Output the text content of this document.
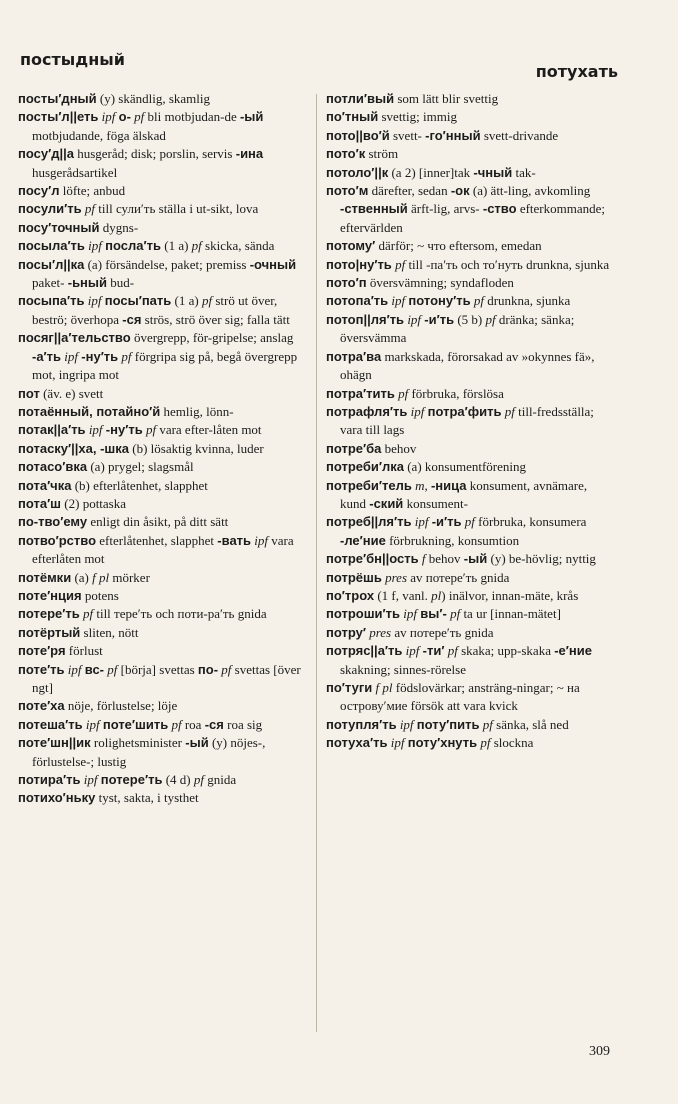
постыдный
потухать

посты′дный (y) skändlig, skamlig

посты′л||еть ipf о- pf bli motbjudan-de -ый motbjudande, föga älskad

посу′д||а husgeråd; disk; porslin, servis -ина husgerådsartikel

посу′л löfte; anbud

посули′ть pf till сули′ть ställa i ut-sikt, lova

посу′точный dygns-

посыла′ть ipf посла′ть (1 a) pf skicka, sända

посы′л||ка (a) försändelse, paket; premiss -очный paket- -ьный bud-

посыпа′ть ipf посы′пать (1 a) pf strö ut över, beströ; överhopa -ся strös, strö över sig; falla tätt

посяг||а′тельство övergrepp, för-gripelse; anslag -а′ть ipf -ну′ть pf förgripa sig på, begå övergrepp mot, ingripa mot

пот (äv. e) svett

потаённый, потайно′й hemlig, lönn-

потак||а′ть ipf -ну′ть pf vara efter-låten mot

потаску′||ха, -шка (b) lösaktig kvinna, luder

потасо′вка (a) prygel; slagsmål

пота′чка (b) efterlåtenhet, slapphet

пота′ш (2) pottaska

по-тво′ему enligt din åsikt, på ditt sätt

потво′рство efterlåtenhet, slapphet -вать ipf vara efterlåten mot

потёмки (a) f pl mörker

поте′нция potens

потере′ть pf till тере′ть och поти-ра′ть gnida

потёртый sliten, nött

поте′ря förlust

поте′ть ipf вс- pf [börja] svettas по- pf svettas [över ngt]

поте′ха nöje, förlustelse; löje

потеша′ть ipf поте′шить pf roa -ся roa sig

поте′шн||ик rolighetsminister -ый (y) nöjes-, förlustelse-; lustig

потира′ть ipf потере′ть (4 d) pf gnida

потихо′ньку tyst, sakta, i tysthet

потли′вый som lätt blir svettig

по′тный svettig; immig

пото||во′й svett- -го′нный svett-drivande

пото′к ström

потоло′||к (a 2) [inner]tak -чный tak-

пото′м därefter, sedan -ок (a) ätt-ling, avkomling -ственный ärft-lig, arvs- -ство efterkommande; eftervärlden

потому′ därför; ~ что eftersom, emedan

пото|ну′ть pf till -па′ть och то′нуть drunkna, sjunka

пото′п översvämning; syndafloden

потопа′ть ipf потону′ть pf drunkna, sjunka

потоп||ля′ть ipf -и′ть (5 b) pf dränka; sänka; översvämma

потра′ва markskada, förorsakad av »okynnes fä», ohägn

потра′тить pf förbruka, förslösa

потрафля′ть ipf потра′фить pf till-fredsställa; vara till lags

потре′ба behov

потреби′лка (a) konsumentförening

потреби′тель m, -ница konsument, avnämare, kund -ский konsument-

потреб||ля′ть ipf -и′ть pf förbruka, konsumera -ле′ние förbrukning, konsumtion

потре′бн||ость f behov -ый (y) be-hövlig; nyttig

потрёшь pres av потере′ть gnida

по′трох (1 f, vanl. pl) inälvor, innan-mäte, krås

потроши′ть ipf вы′- pf ta ur [innan-mätet]

потру′ pres av потере′ть gnida

потряс||а′ть ipf -ти′ pf skaka; upp-skaka -е′ние skakning; sinnes-rörelse

по′туги f pl födslovärkar; ansträng-ningar; ~ на острову′мие försök att vara kvick

потупля′ть ipf поту′пить pf sänka, slå ned

потуха′ть ipf поту′хнуть pf slockna

309
